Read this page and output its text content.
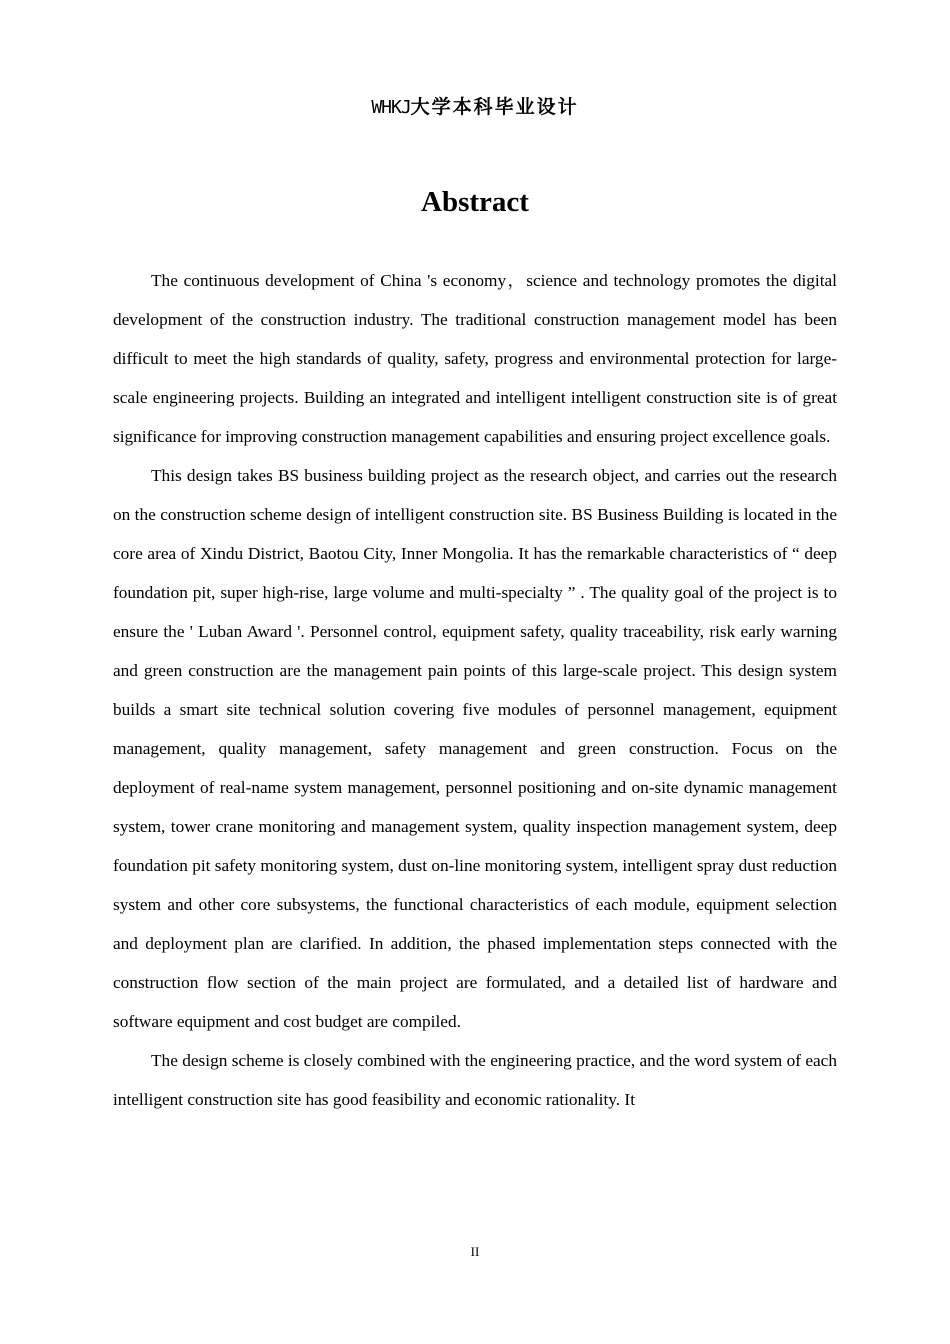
WHKJ大学本科毕业设计
Abstract

The continuous development of China 's economy，science and technology promotes the digital development of the construction industry. The traditional construction management model has been difficult to meet the high standards of quality, safety, progress and environmental protection for large-scale engineering projects. Building an integrated and intelligent intelligent construction site is of great significance for improving construction management capabilities and ensuring project excellence goals.

This design takes BS business building project as the research object, and carries out the research on the construction scheme design of intelligent construction site. BS Business Building is located in the core area of Xindu District, Baotou City, Inner Mongolia. It has the remarkable characteristics of “ deep foundation pit, super high-rise, large volume and multi-specialty ” . The quality goal of the project is to ensure the ' Luban Award '. Personnel control, equipment safety, quality traceability, risk early warning and green construction are the management pain points of this large-scale project. This design system builds a smart site technical solution covering five modules of personnel management, equipment management, quality management, safety management and green construction. Focus on the deployment of real-name system management, personnel positioning and on-site dynamic management system, tower crane monitoring and management system, quality inspection management system, deep foundation pit safety monitoring system, dust on-line monitoring system, intelligent spray dust reduction system and other core subsystems, the functional characteristics of each module, equipment selection and deployment plan are clarified. In addition, the phased implementation steps connected with the construction flow section of the main project are formulated, and a detailed list of hardware and software equipment and cost budget are compiled.

The design scheme is closely combined with the engineering practice, and the word system of each intelligent construction site has good feasibility and economic rationality. It

II
